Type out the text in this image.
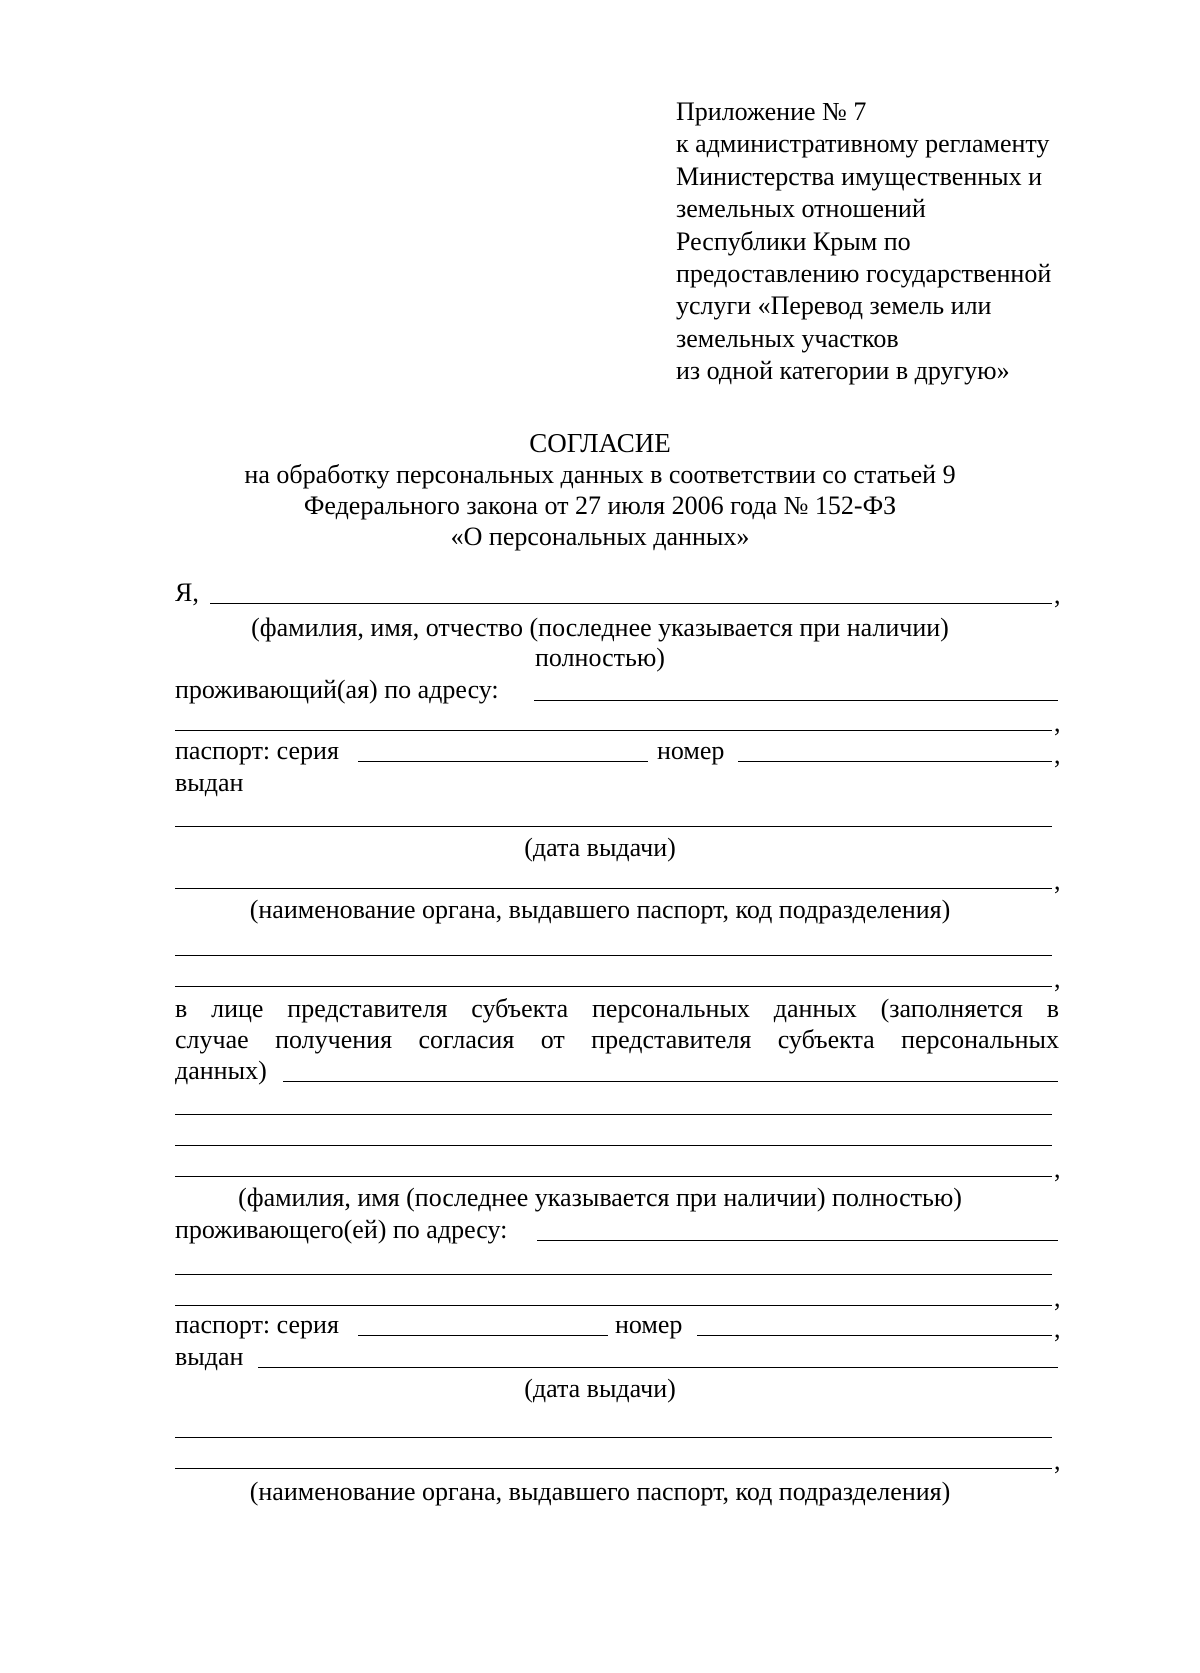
Приложение № 7
к административному регламенту
Министерства имущественных и
земельных отношений
Республики Крым по
предоставлению государственной
услуги «Перевод земель или
земельных участков
из одной категории в другую»
СОГЛАСИЕ
на обработку персональных данных в соответствии со статьей 9
Федерального закона от 27 июля 2006 года № 152-ФЗ
«О персональных данных»
Я,	,
(фамилия, имя, отчество (последнее указывается при наличии)
полностью)
проживающий(ая) по адресу:
,
паспорт: серия	номер	,
выдан
(дата выдачи)
,
(наименование органа, выдавшего паспорт, код подразделения)
,
в лице представителя субъекта персональных данных (заполняется в
случае получения согласия от представителя субъекта персональных
данных)
,
(фамилия, имя (последнее указывается при наличии) полностью)
проживающего(ей) по адресу:
,
паспорт: серия	номер	,
выдан
(дата выдачи)
,
(наименование органа, выдавшего паспорт, код подразделения)
